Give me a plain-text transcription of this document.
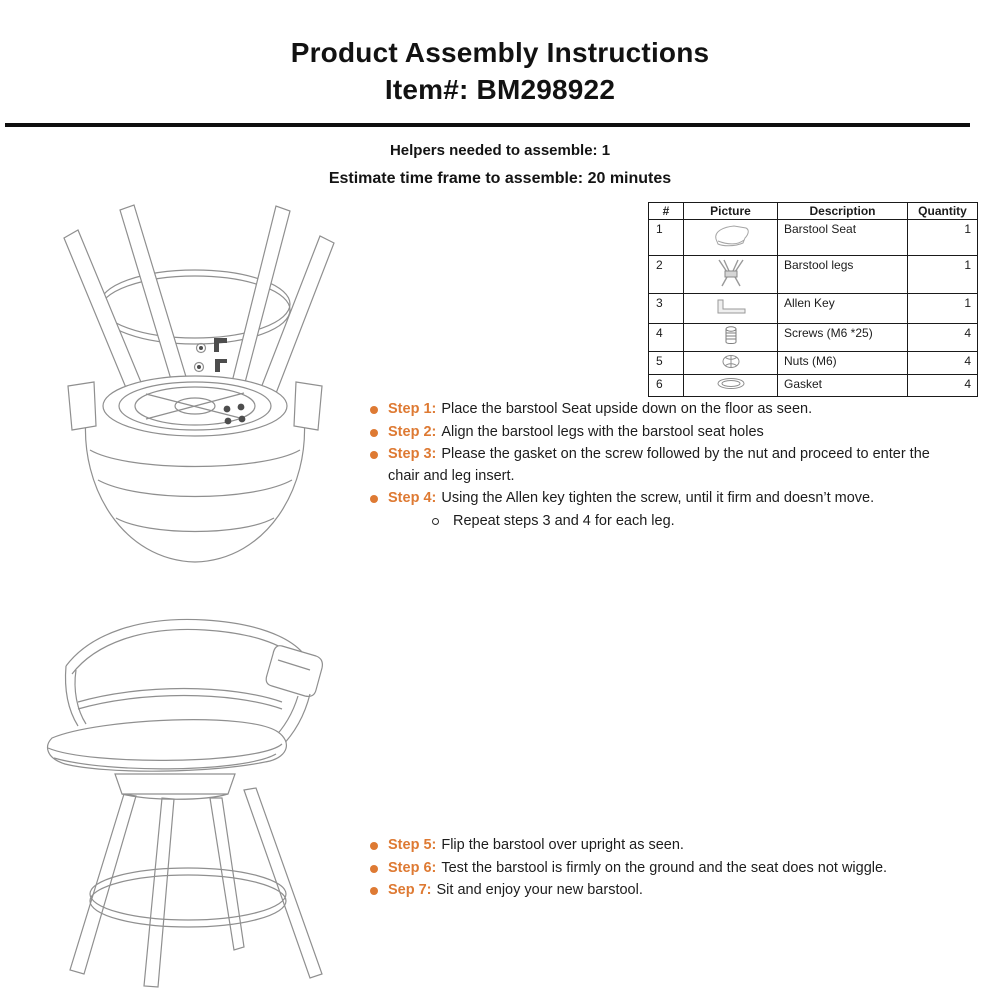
Product Assembly Instructions
Item#: BM298922
Helpers needed to assemble: 1
Estimate time frame to assemble: 20 minutes
#	Picture	Description	Quantity
1		Barstool Seat	1
2		Barstool legs	1
3		Allen Key	1
4		Screws (M6 *25)	4
5		Nuts (M6)	4
6		Gasket	4
Step 1: Place the barstool Seat upside down on the floor as seen.
Step 2: Align the barstool legs with the barstool seat holes
Step 3: Please the gasket on the screw followed by the nut and proceed to enter the chair and leg insert.
Step 4: Using the Allen key tighten the screw, until it firm and doesn’t move.
Repeat steps 3 and 4 for each leg.
Step 5: Flip the barstool over upright as seen.
Step 6: Test the barstool is firmly on the ground and the seat does not wiggle.
Sep 7: Sit and enjoy your new barstool.
